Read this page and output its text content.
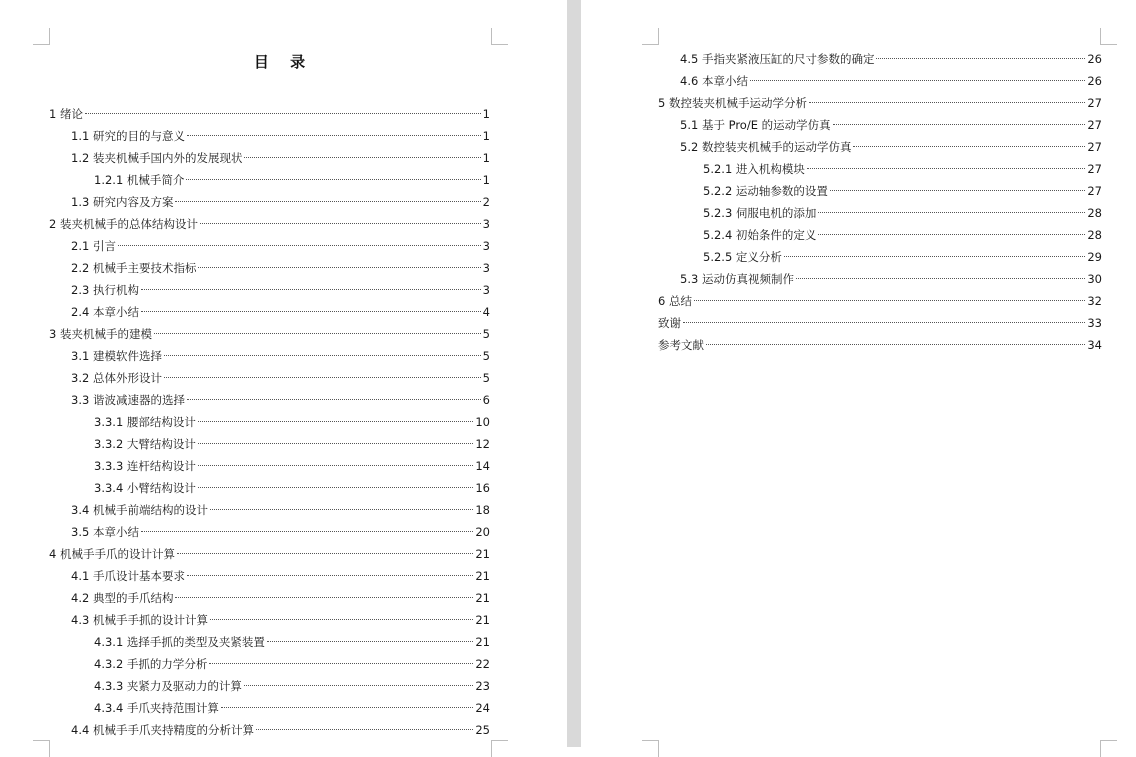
目 录
1 绪论	1
1.1 研究的目的与意义	1
1.2 装夹机械手国内外的发展现状	1
1.2.1 机械手简介	1
1.3 研究内容及方案	2
2 装夹机械手的总体结构设计	3
2.1 引言	3
2.2 机械手主要技术指标	3
2.3 执行机构	3
2.4 本章小结	4
3 装夹机械手的建模	5
3.1 建模软件选择	5
3.2 总体外形设计	5
3.3 谐波减速器的选择	6
3.3.1 腰部结构设计	10
3.3.2 大臂结构设计	12
3.3.3 连杆结构设计	14
3.3.4 小臂结构设计	16
3.4 机械手前端结构的设计	18
3.5 本章小结	20
4 机械手手爪的设计计算	21
4.1 手爪设计基本要求	21
4.2 典型的手爪结构	21
4.3 机械手手抓的设计计算	21
4.3.1 选择手抓的类型及夹紧装置	21
4.3.2 手抓的力学分析	22
4.3.3 夹紧力及驱动力的计算	23
4.3.4 手爪夹持范围计算	24
4.4 机械手手爪夹持精度的分析计算	25
4.5 手指夹紧液压缸的尺寸参数的确定	26
4.6 本章小结	26
5 数控装夹机械手运动学分析	27
5.1 基于 Pro/E 的运动学仿真	27
5.2 数控装夹机械手的运动学仿真	27
5.2.1 进入机构模块	27
5.2.2 运动轴参数的设置	27
5.2.3 伺服电机的添加	28
5.2.4 初始条件的定义	28
5.2.5 定义分析	29
5.3 运动仿真视频制作	30
6 总结	32
致谢	33
参考文献	34
